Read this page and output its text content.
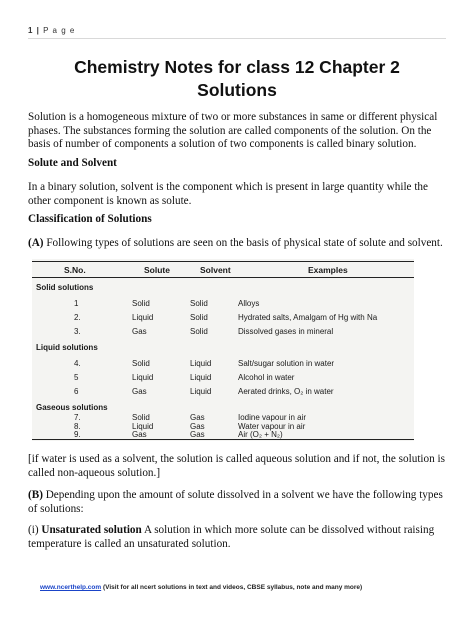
1 | P a g e
Chemistry Notes for class 12 Chapter 2
Solutions
Solution is a homogeneous mixture of two or more substances in same or different physical phases. The substances forming the solution are called components of the solution. On the basis of number of components a solution of two components is called binary solution.
Solute and Solvent
In a binary solution, solvent is the component which is present in large quantity while the other component is known as solute.
Classification of Solutions
(A) Following types of solutions are seen on the basis of physical state of solute and solvent.
S.No.	Solute	Solvent	Examples
Solid solutions
1	Solid	Solid	Alloys
2.	Liquid	Solid	Hydrated salts, Amalgam of Hg with Na
3.	Gas	Solid	Dissolved gases in mineral
Liquid solutions
4.	Solid	Liquid	Salt/sugar solution in water
5	Liquid	Liquid	Alcohol in water
6	Gas	Liquid	Aerated drinks, O₂ in water
Gaseous solutions
7.	Solid	Gas	Iodine vapour in air
8.	Liquid	Gas	Water vapour in air
9.	Gas	Gas	Air (O₂ + N₂)
[if water is used as a solvent, the solution is called aqueous solution and if not, the solution is called non-aqueous solution.]
(B) Depending upon the amount of solute dissolved in a solvent we have the following types of solutions:
(i) Unsaturated solution A solution in which more solute can be dissolved without raising temperature is called an unsaturated solution.
www.ncerthelp.com (Visit for all ncert solutions in text and videos, CBSE syllabus, note and many more)
